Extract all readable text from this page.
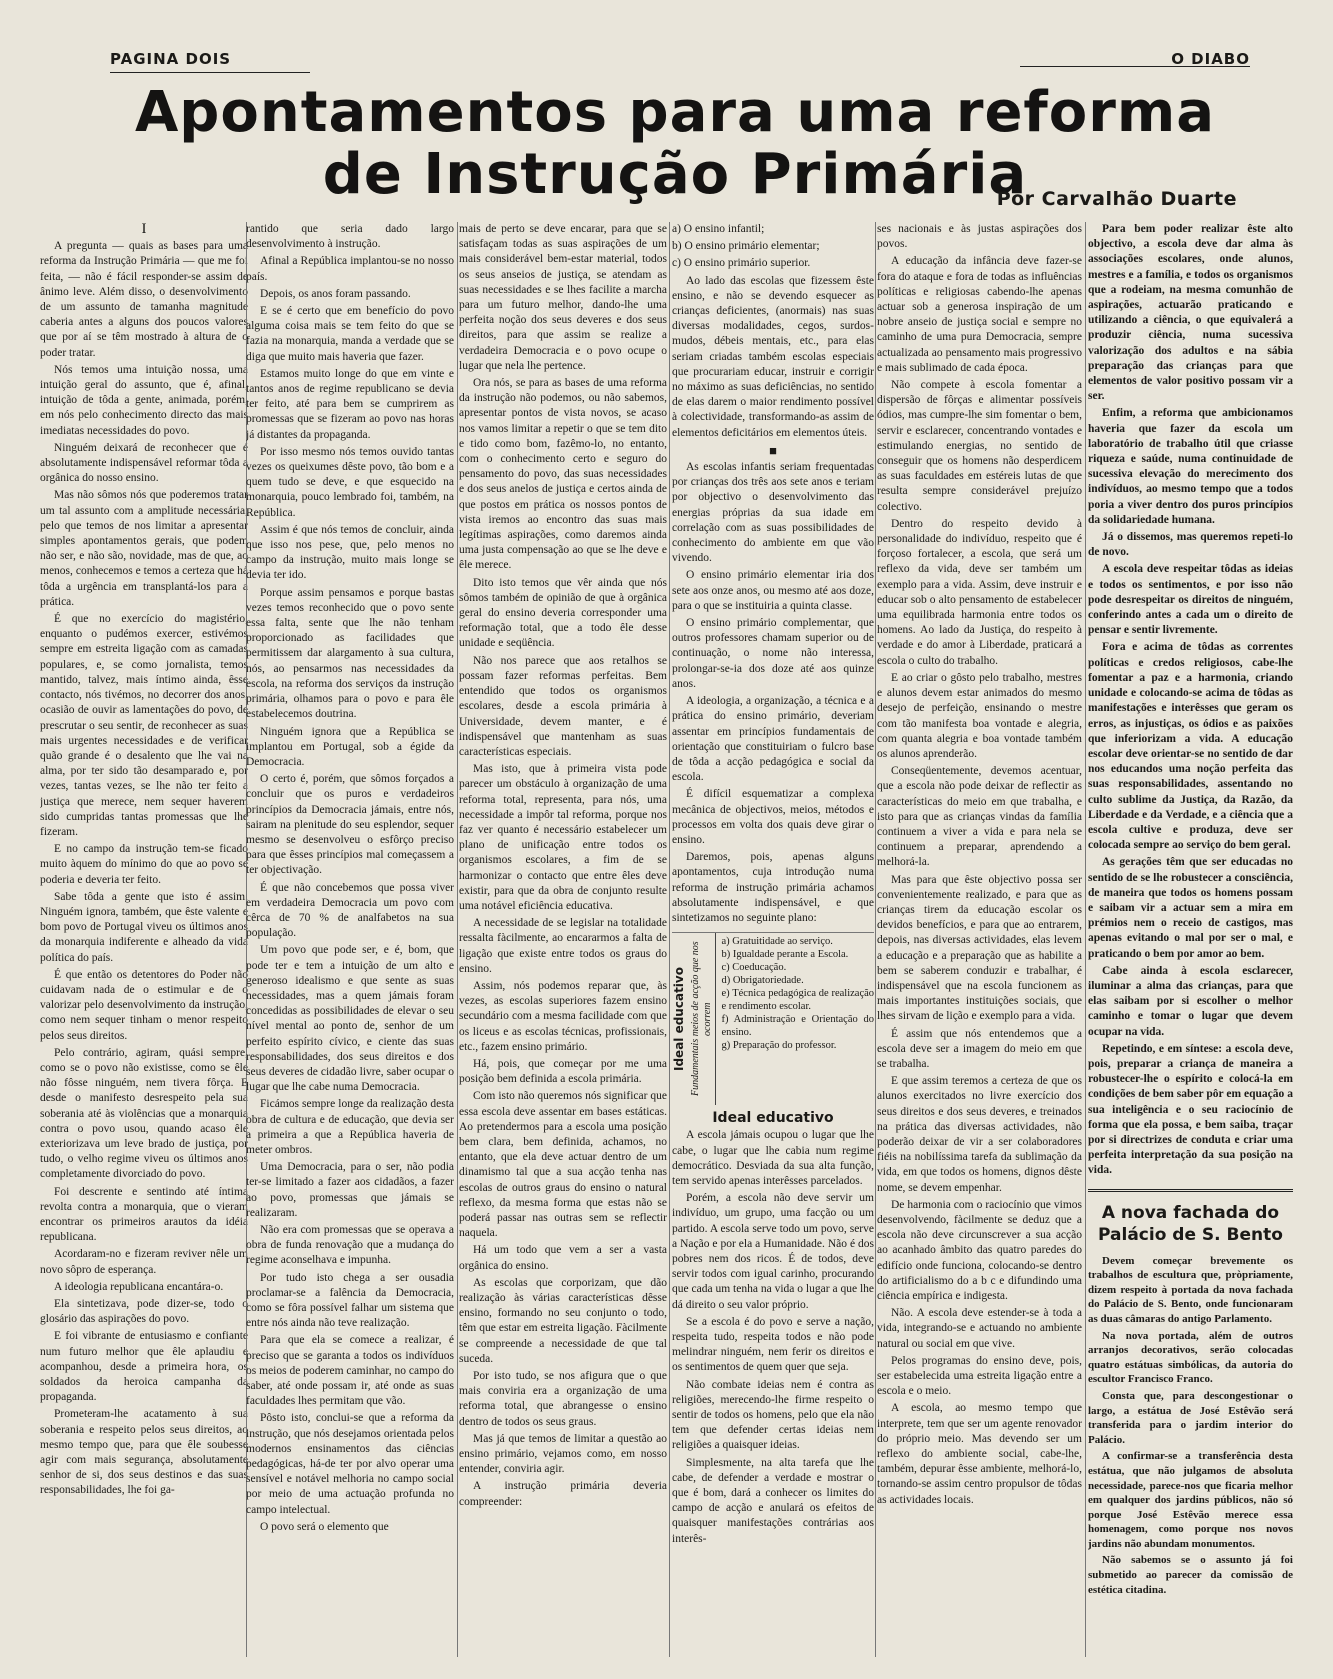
PAGINA DOIS	O DIABO
Apontamentos para uma reforma
de Instrução Primária
Por Carvalhão Duarte

I

A pregunta — quais as bases para uma reforma da Instrução Primária — que me foi feita, — não é fácil responder-se assim de ânimo leve. Além disso, o desenvolvimento de um assunto de tamanha magnitude caberia antes a alguns dos poucos valores que por aí se têm mostrado à altura de o poder tratar.

Nós temos uma intuição nossa, uma intuição geral do assunto, que é, afinal, intuição de tôda a gente, animada, porém, em nós pelo conhecimento directo das mais imediatas necessidades do povo.

Ninguém deixará de reconhecer que é absolutamente indispensável reformar tôda a orgânica do nosso ensino.

Mas não sômos nós que poderemos tratar um tal assunto com a amplitude necessária, pelo que temos de nos limitar a apresentar simples apontamentos gerais, que podem não ser, e não são, novidade, mas de que, ao menos, conhecemos e temos a certeza que há tôda a urgência em transplantá-los para a prática.

É que no exercício do magistério, enquanto o pudémos exercer, estivémos sempre em estreita ligação com as camadas populares, e, se como jornalista, temos mantido, talvez, mais íntimo ainda, êsse contacto, nós tivémos, no decorrer dos anos, ocasião de ouvir as lamentações do povo, de prescrutar o seu sentir, de reconhecer as suas mais urgentes necessidades e de verificar quão grande é o desalento que lhe vai na alma, por ter sido tão desamparado e, por vezes, tantas vezes, se lhe não ter feito a justiça que merece, nem sequer haverem sido cumpridas tantas promessas que lhe fizeram.

E no campo da instrução tem-se ficado muito àquem do mínimo do que ao povo se poderia e deveria ter feito.

Sabe tôda a gente que isto é assim. Ninguém ignora, também, que êste valente e bom povo de Portugal viveu os últimos anos da monarquia indiferente e alheado da vida política do país.

É que então os detentores do Poder não cuidavam nada de o estimular e de o valorizar pelo desenvolvimento da instrução, como nem sequer tinham o menor respeito pelos seus direitos.

Pelo contrário, agiram, quási sempre, como se o povo não existisse, como se êle não fôsse ninguém, nem tivera fôrça. E desde o manifesto desrespeito pela sua soberania até às violências que a monarquia contra o povo usou, quando acaso êle exteriorizava um leve brado de justiça, por tudo, o velho regime viveu os últimos anos completamente divorciado do povo.

Foi descrente e sentindo até íntima revolta contra a monarquia, que o vieram encontrar os primeiros arautos da idéia republicana.

Acordaram-no e fizeram reviver nêle um novo sôpro de esperança.

A ideologia republicana encantára-o.

Ela sintetizava, pode dizer-se, todo o glosário das aspirações do povo.

E foi vibrante de entusiasmo e confiante num futuro melhor que êle aplaudiu e acompanhou, desde a primeira hora, os soldados da heroica campanha da propaganda.

Prometeram-lhe acatamento à sua soberania e respeito pelos seus direitos, ao mesmo tempo que, para que êle soubesse agir com mais segurança, absolutamente senhor de si, dos seus destinos e das suas responsabilidades, lhe foi ga-

rantido que seria dado largo desenvolvimento à instrução.

Afinal a República implantou-se no nosso país.

Depois, os anos foram passando.

E se é certo que em benefício do povo alguma coisa mais se tem feito do que se fazia na monarquia, manda a verdade que se diga que muito mais haveria que fazer.

Estamos muito longe do que em vinte e tantos anos de regime republicano se devia ter feito, até para bem se cumprirem as promessas que se fizeram ao povo nas horas já distantes da propaganda.

Por isso mesmo nós temos ouvido tantas vezes os queixumes dêste povo, tão bom e a quem tudo se deve, e que esquecido na monarquia, pouco lembrado foi, também, na República.

Assim é que nós temos de concluir, ainda que isso nos pese, que, pelo menos no campo da instrução, muito mais longe se devia ter ido.

Porque assim pensamos e porque bastas vezes temos reconhecido que o povo sente essa falta, sente que lhe não tenham proporcionado as facilidades que permitissem dar alargamento à sua cultura, nós, ao pensarmos nas necessidades da escola, na reforma dos serviços da instrução primária, olhamos para o povo e para êle estabelecemos doutrina.

Ninguém ignora que a República se implantou em Portugal, sob a égide da Democracia.

O certo é, porém, que sômos forçados a concluir que os puros e verdadeiros princípios da Democracia jámais, entre nós, sairam na plenitude do seu esplendor, sequer mesmo se desenvolveu o esfôrço preciso para que êsses princípios mal começassem a ter objectivação.

É que não concebemos que possa viver em verdadeira Democracia um povo com cêrca de 70 % de analfabetos na sua população.

Um povo que pode ser, e é, bom, que pode ter e tem a intuição de um alto e generoso idealismo e que sente as suas necessidades, mas a quem jámais foram concedidas as possibilidades de elevar o seu nível mental ao ponto de, senhor de um perfeito espírito cívico, e ciente das suas responsabilidades, dos seus direitos e dos seus deveres de cidadão livre, saber ocupar o lugar que lhe cabe numa Democracia.

Ficámos sempre longe da realização desta obra de cultura e de educação, que devia ser a primeira a que a República haveria de meter ombros.

Uma Democracia, para o ser, não podia ter-se limitado a fazer aos cidadãos, a fazer ao povo, promessas que jámais se realizaram.

Não era com promessas que se operava a obra de funda renovação que a mudança do regime aconselhava e impunha.

Por tudo isto chega a ser ousadia proclamar-se a falência da Democracia, como se fôra possível falhar um sistema que entre nós ainda não teve realização.

Para que ela se comece a realizar, é preciso que se garanta a todos os indivíduos os meios de poderem caminhar, no campo do saber, até onde possam ir, até onde as suas faculdades lhes permitam que vão.

Pôsto isto, conclui-se que a reforma da instrução, que nós desejamos orientada pelos modernos ensinamentos das ciências pedagógicas, há-de ter por alvo operar uma sensível e notável melhoria no campo social por meio de uma actuação profunda no campo intelectual.

O povo será o elemento que

mais de perto se deve encarar, para que se satisfaçam todas as suas aspirações de um mais considerável bem-estar material, todos os seus anseios de justiça, se atendam as suas necessidades e se lhes facilite a marcha para um futuro melhor, dando-lhe uma perfeita noção dos seus deveres e dos seus direitos, para que assim se realize a verdadeira Democracia e o povo ocupe o lugar que nela lhe pertence.

Ora nós, se para as bases de uma reforma da instrução não podemos, ou não sabemos, apresentar pontos de vista novos, se acaso nos vamos limitar a repetir o que se tem dito e tido como bom, fazêmo-lo, no entanto, com o conhecimento certo e seguro do pensamento do povo, das suas necessidades e dos seus anelos de justiça e certos ainda de que postos em prática os nossos pontos de vista iremos ao encontro das suas mais legítimas aspirações, como daremos ainda uma justa compensação ao que se lhe deve e êle merece.

Dito isto temos que vêr ainda que nós sômos também de opinião de que à orgânica geral do ensino deveria corresponder uma reformação total, que a todo êle desse unidade e seqüência.

Não nos parece que aos retalhos se possam fazer reformas perfeitas. Bem entendido que todos os organismos escolares, desde a escola primária à Universidade, devem manter, e é indispensável que mantenham as suas características especiais.

Mas isto, que à primeira vista pode parecer um obstáculo à organização de uma reforma total, representa, para nós, uma necessidade a impôr tal reforma, porque nos faz ver quanto é necessário estabelecer um plano de unificação entre todos os organismos escolares, a fim de se harmonizar o contacto que entre êles deve existir, para que da obra de conjunto resulte uma notável eficiência educativa.

A necessidade de se legislar na totalidade ressalta fàcilmente, ao encararmos a falta de ligação que existe entre todos os graus do ensino.

Assim, nós podemos reparar que, às vezes, as escolas superiores fazem ensino secundário com a mesma facilidade com que os liceus e as escolas técnicas, profissionais, etc., fazem ensino primário.

Há, pois, que começar por me uma posição bem definida a escola primária.

Com isto não queremos nós significar que essa escola deve assentar em bases estáticas. Ao pretendermos para a escola uma posição bem clara, bem definida, achamos, no entanto, que ela deve actuar dentro de um dinamismo tal que a sua acção tenha nas escolas de outros graus do ensino o natural reflexo, da mesma forma que estas não se poderá passar nas outras sem se reflectir naquela.

Há um todo que vem a ser a vasta orgânica do ensino.

As escolas que corporizam, que dão realização às várias características dêsse ensino, formando no seu conjunto o todo, têm que estar em estreita ligação. Fàcilmente se compreende a necessidade de que tal suceda.

Por isto tudo, se nos afigura que o que mais conviria era a organização de uma reforma total, que abrangesse o ensino dentro de todos os seus graus.

Mas já que temos de limitar a questão ao ensino primário, vejamos como, em nosso entender, conviria agir.

A instrução primária deveria compreender:

a) O ensino infantil;

b) O ensino primário elementar;

c) O ensino primário superior.

Ao lado das escolas que fizessem êste ensino, e não se devendo esquecer as crianças deficientes, (anormais) nas suas diversas modalidades, cegos, surdos-mudos, débeis mentais, etc., para elas seriam criadas também escolas especiais que procurariam educar, instruir e corrigir no máximo as suas deficiências, no sentido de elas darem o maior rendimento possível à colectividade, transformando-as assim de elementos deficitários em elementos úteis.

■

As escolas infantis seriam frequentadas por crianças dos três aos sete anos e teriam por objectivo o desenvolvimento das energias próprias da sua idade em correlação com as suas possibilidades de conhecimento do ambiente em que vão vivendo.

O ensino primário elementar iria dos sete aos onze anos, ou mesmo até aos doze, para o que se instituiria a quinta classe.

O ensino primário complementar, que outros professores chamam superior ou de continuação, o nome não interessa, prolongar-se-ia dos doze até aos quinze anos.

A ideologia, a organização, a técnica e a prática do ensino primário, deveriam assentar em princípios fundamentais de orientação que constituiriam o fulcro base de tôda a acção pedagógica e social da escola.

É difícil esquematizar a complexa mecânica de objectivos, meios, métodos e processos em volta dos quais deve girar o ensino.

Daremos, pois, apenas alguns apontamentos, cuja introdução numa reforma de instrução primária achamos absolutamente indispensável, e que sintetizamos no seguinte plano:

Ideal educativo Fundamentais meios de acção que nos ocorrem
a) Gratuitidade ao serviço.
b) Igualdade perante a Escola.
c) Coeducação.
d) Obrigatoriedade.
e) Técnica pedagógica de realização e rendimento escolar.
f) Administração e Orientação do ensino.
g) Preparação do professor.

Ideal educativo

A escola jámais ocupou o lugar que lhe cabe, o lugar que lhe cabia num regime democrático. Desviada da sua alta função, tem servido apenas interêsses parcelados.

Porém, a escola não deve servir um indivíduo, um grupo, uma facção ou um partido. A escola serve todo um povo, serve a Nação e por ela a Humanidade. Não é dos pobres nem dos ricos. É de todos, deve servir todos com igual carinho, procurando que cada um tenha na vida o lugar a que lhe dá direito o seu valor próprio.

Se a escola é do povo e serve a nação, respeita tudo, respeita todos e não pode melindrar ninguém, nem ferir os direitos e os sentimentos de quem quer que seja.

Não combate ideias nem é contra as religiões, merecendo-lhe firme respeito o sentir de todos os homens, pelo que ela não tem que defender certas ideias nem religiões a quaisquer ideias.

Simplesmente, na alta tarefa que lhe cabe, de defender a verdade e mostrar o que é bom, dará a conhecer os limites do campo de acção e anulará os efeitos de quaisquer manifestações contrárias aos interês-

ses nacionais e às justas aspirações dos povos.

A educação da infância deve fazer-se fora do ataque e fora de todas as influências políticas e religiosas cabendo-lhe apenas actuar sob a generosa inspiração de um nobre anseio de justiça social e sempre no caminho de uma pura Democracia, sempre actualizada ao pensamento mais progressivo e mais sublimado de cada época.

Não compete à escola fomentar a dispersão de fôrças e alimentar possíveis ódios, mas cumpre-lhe sim fomentar o bem, servir e esclarecer, concentrando vontades e estimulando energias, no sentido de conseguir que os homens não desperdicem as suas faculdades em estéreis lutas de que resulta sempre considerável prejuízo colectivo.

Dentro do respeito devido à personalidade do indivíduo, respeito que é forçoso fortalecer, a escola, que será um reflexo da vida, deve ser também um exemplo para a vida. Assim, deve instruir e educar sob o alto pensamento de estabelecer uma equilibrada harmonia entre todos os homens. Ao lado da Justiça, do respeito à verdade e do amor à Liberdade, praticará a escola o culto do trabalho.

E ao criar o gôsto pelo trabalho, mestres e alunos devem estar animados do mesmo desejo de perfeição, ensinando o mestre com tão manifesta boa vontade e alegria, com quanta alegria e boa vontade também os alunos aprenderão.

Conseqüentemente, devemos acentuar, que a escola não pode deixar de reflectir as características do meio em que trabalha, e isto para que as crianças vindas da família continuem a viver a vida e para nela se continuem a preparar, aprendendo a melhorá-la.

Mas para que êste objectivo possa ser convenientemente realizado, e para que as crianças tirem da educação escolar os devidos benefícios, e para que ao entrarem, depois, nas diversas actividades, elas levem a educação e a preparação que as habilite a bem se saberem conduzir e trabalhar, é indispensável que na escola funcionem as mais importantes instituições sociais, que lhes sirvam de lição e exemplo para a vida.

É assim que nós entendemos que a escola deve ser a imagem do meio em que se trabalha.

E que assim teremos a certeza de que os alunos exercitados no livre exercício dos seus direitos e dos seus deveres, e treinados na prática das diversas actividades, não poderão deixar de vir a ser colaboradores fiéis na nobilíssima tarefa da sublimação da vida, em que todos os homens, dignos dêste nome, se devem empenhar.

De harmonia com o raciocínio que vimos desenvolvendo, fàcilmente se deduz que a escola não deve circunscrever a sua acção ao acanhado âmbito das quatro paredes do edifício onde funciona, colocando-se dentro do artificialismo do a b c e difundindo uma ciência empírica e indigesta.

Não. A escola deve estender-se à toda a vida, integrando-se e actuando no ambiente natural ou social em que vive.

Pelos programas do ensino deve, pois, ser estabelecida uma estreita ligação entre a escola e o meio.

A escola, ao mesmo tempo que interprete, tem que ser um agente renovador do próprio meio. Mas devendo ser um reflexo do ambiente social, cabe-lhe, também, depurar êsse ambiente, melhorá-lo, tornando-se assim centro propulsor de tôdas as actividades locais.

Para bem poder realizar êste alto objectivo, a escola deve dar alma às associações escolares, onde alunos, mestres e a família, e todos os organismos que a rodeiam, na mesma comunhão de aspirações, actuarão praticando e utilizando a ciência, o que equivalerá a produzir ciência, numa sucessiva valorização dos adultos e na sábia preparação das crianças para que elementos de valor positivo possam vir a ser.

Enfim, a reforma que ambicionamos haveria que fazer da escola um laboratório de trabalho útil que criasse riqueza e saúde, numa continuidade de sucessiva elevação do merecimento dos indivíduos, ao mesmo tempo que a todos poria a viver dentro dos puros princípios da solidariedade humana.

Já o dissemos, mas queremos repeti-lo de novo.

A escola deve respeitar tôdas as ideias e todos os sentimentos, e por isso não pode desrespeitar os direitos de ninguém, conferindo antes a cada um o direito de pensar e sentir livremente.

Fora e acima de tôdas as correntes políticas e credos religiosos, cabe-lhe fomentar a paz e a harmonia, criando unidade e colocando-se acima de tôdas as manifestações e interêsses que geram os erros, as injustiças, os ódios e as paixões que inferiorizam a vida. A educação escolar deve orientar-se no sentido de dar nos educandos uma noção perfeita das suas responsabilidades, assentando no culto sublime da Justiça, da Razão, da Liberdade e da Verdade, e a ciência que a escola cultive e produza, deve ser colocada sempre ao serviço do bem geral.

As gerações têm que ser educadas no sentido de se lhe robustecer a consciência, de maneira que todos os homens possam e saibam vir a actuar sem a mira em prémios nem o receio de castigos, mas apenas evitando o mal por ser o mal, e praticando o bem por amor ao bem.

Cabe ainda à escola esclarecer, iluminar a alma das crianças, para que elas saibam por si escolher o melhor caminho e tomar o lugar que devem ocupar na vida.

Repetindo, e em síntese: a escola deve, pois, preparar a criança de maneira a robustecer-lhe o espírito e colocá-la em condições de bem saber pôr em equação a sua inteligência e o seu raciocínio de forma que ela possa, e bem saiba, traçar por si directrizes de conduta e criar uma perfeita interpretação da sua posição na vida.

A nova fachada do Palácio de S. Bento

Devem começar brevemente os trabalhos de escultura que, pròpriamente, dizem respeito à portada da nova fachada do Palácio de S. Bento, onde funcionaram as duas câmaras do antigo Parlamento.

Na nova portada, além de outros arranjos decorativos, serão colocadas quatro estátuas simbólicas, da autoria do escultor Francisco Franco.

Consta que, para descongestionar o largo, a estátua de José Estêvão será transferida para o jardim interior do Palácio.

A confirmar-se a transferência desta estátua, que não julgamos de absoluta necessidade, parece-nos que ficaria melhor em qualquer dos jardins públicos, não só porque José Estêvão merece essa homenagem, como porque nos novos jardins não abundam monumentos.

Não sabemos se o assunto já foi submetido ao parecer da comissão de estética citadina.
